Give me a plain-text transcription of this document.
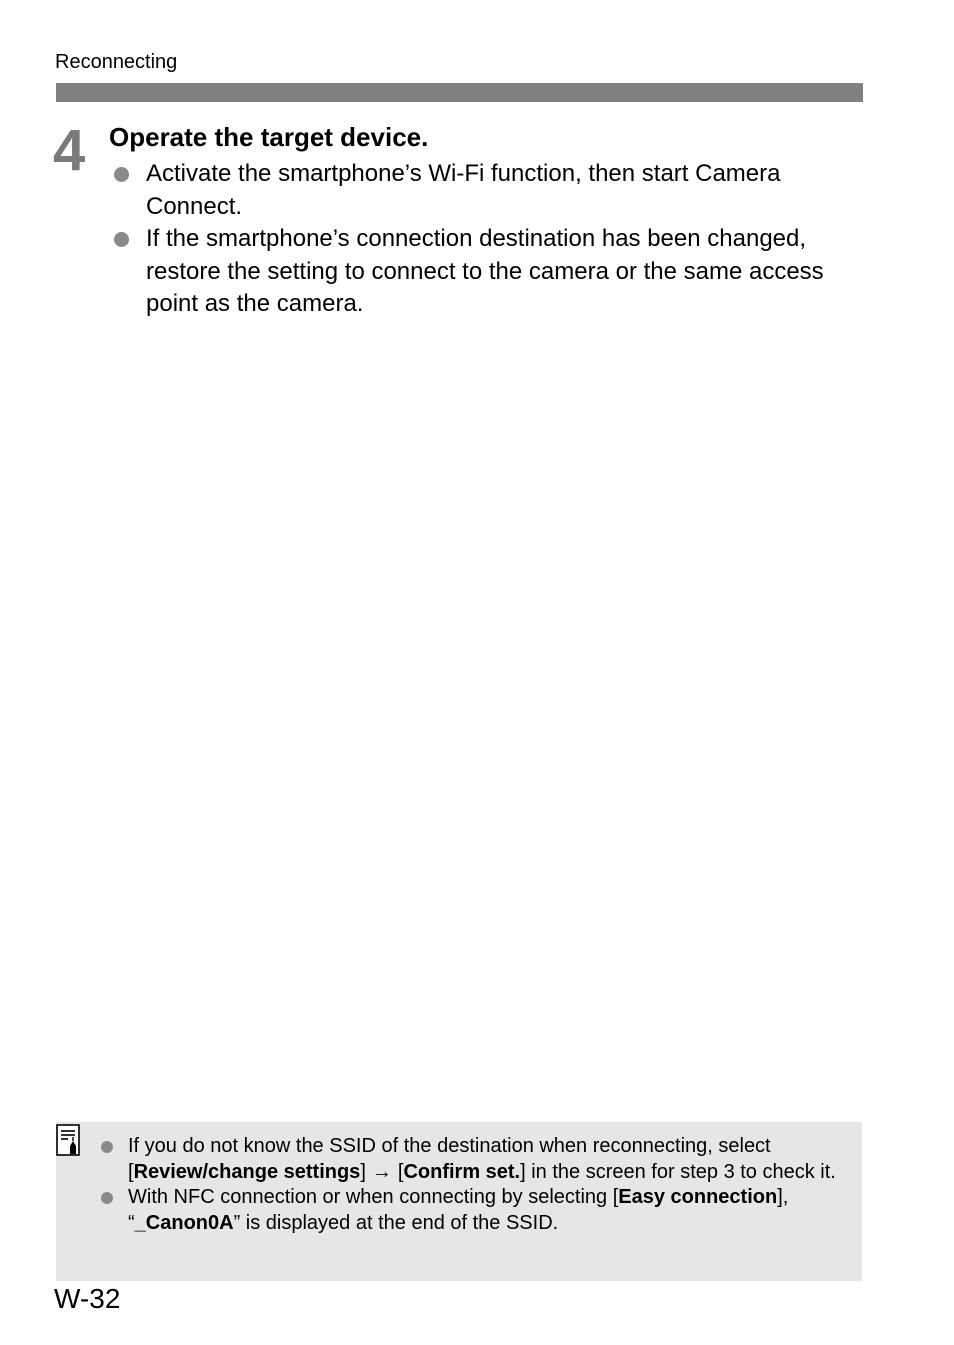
Reconnecting
4 Operate the target device.
Activate the smartphone’s Wi-Fi function, then start Camera Connect.
If the smartphone’s connection destination has been changed, restore the setting to connect to the camera or the same access point as the camera.
If you do not know the SSID of the destination when reconnecting, select [Review/change settings] → [Confirm set.] in the screen for step 3 to check it.
With NFC connection or when connecting by selecting [Easy connection], “_Canon0A” is displayed at the end of the SSID.
W-32
